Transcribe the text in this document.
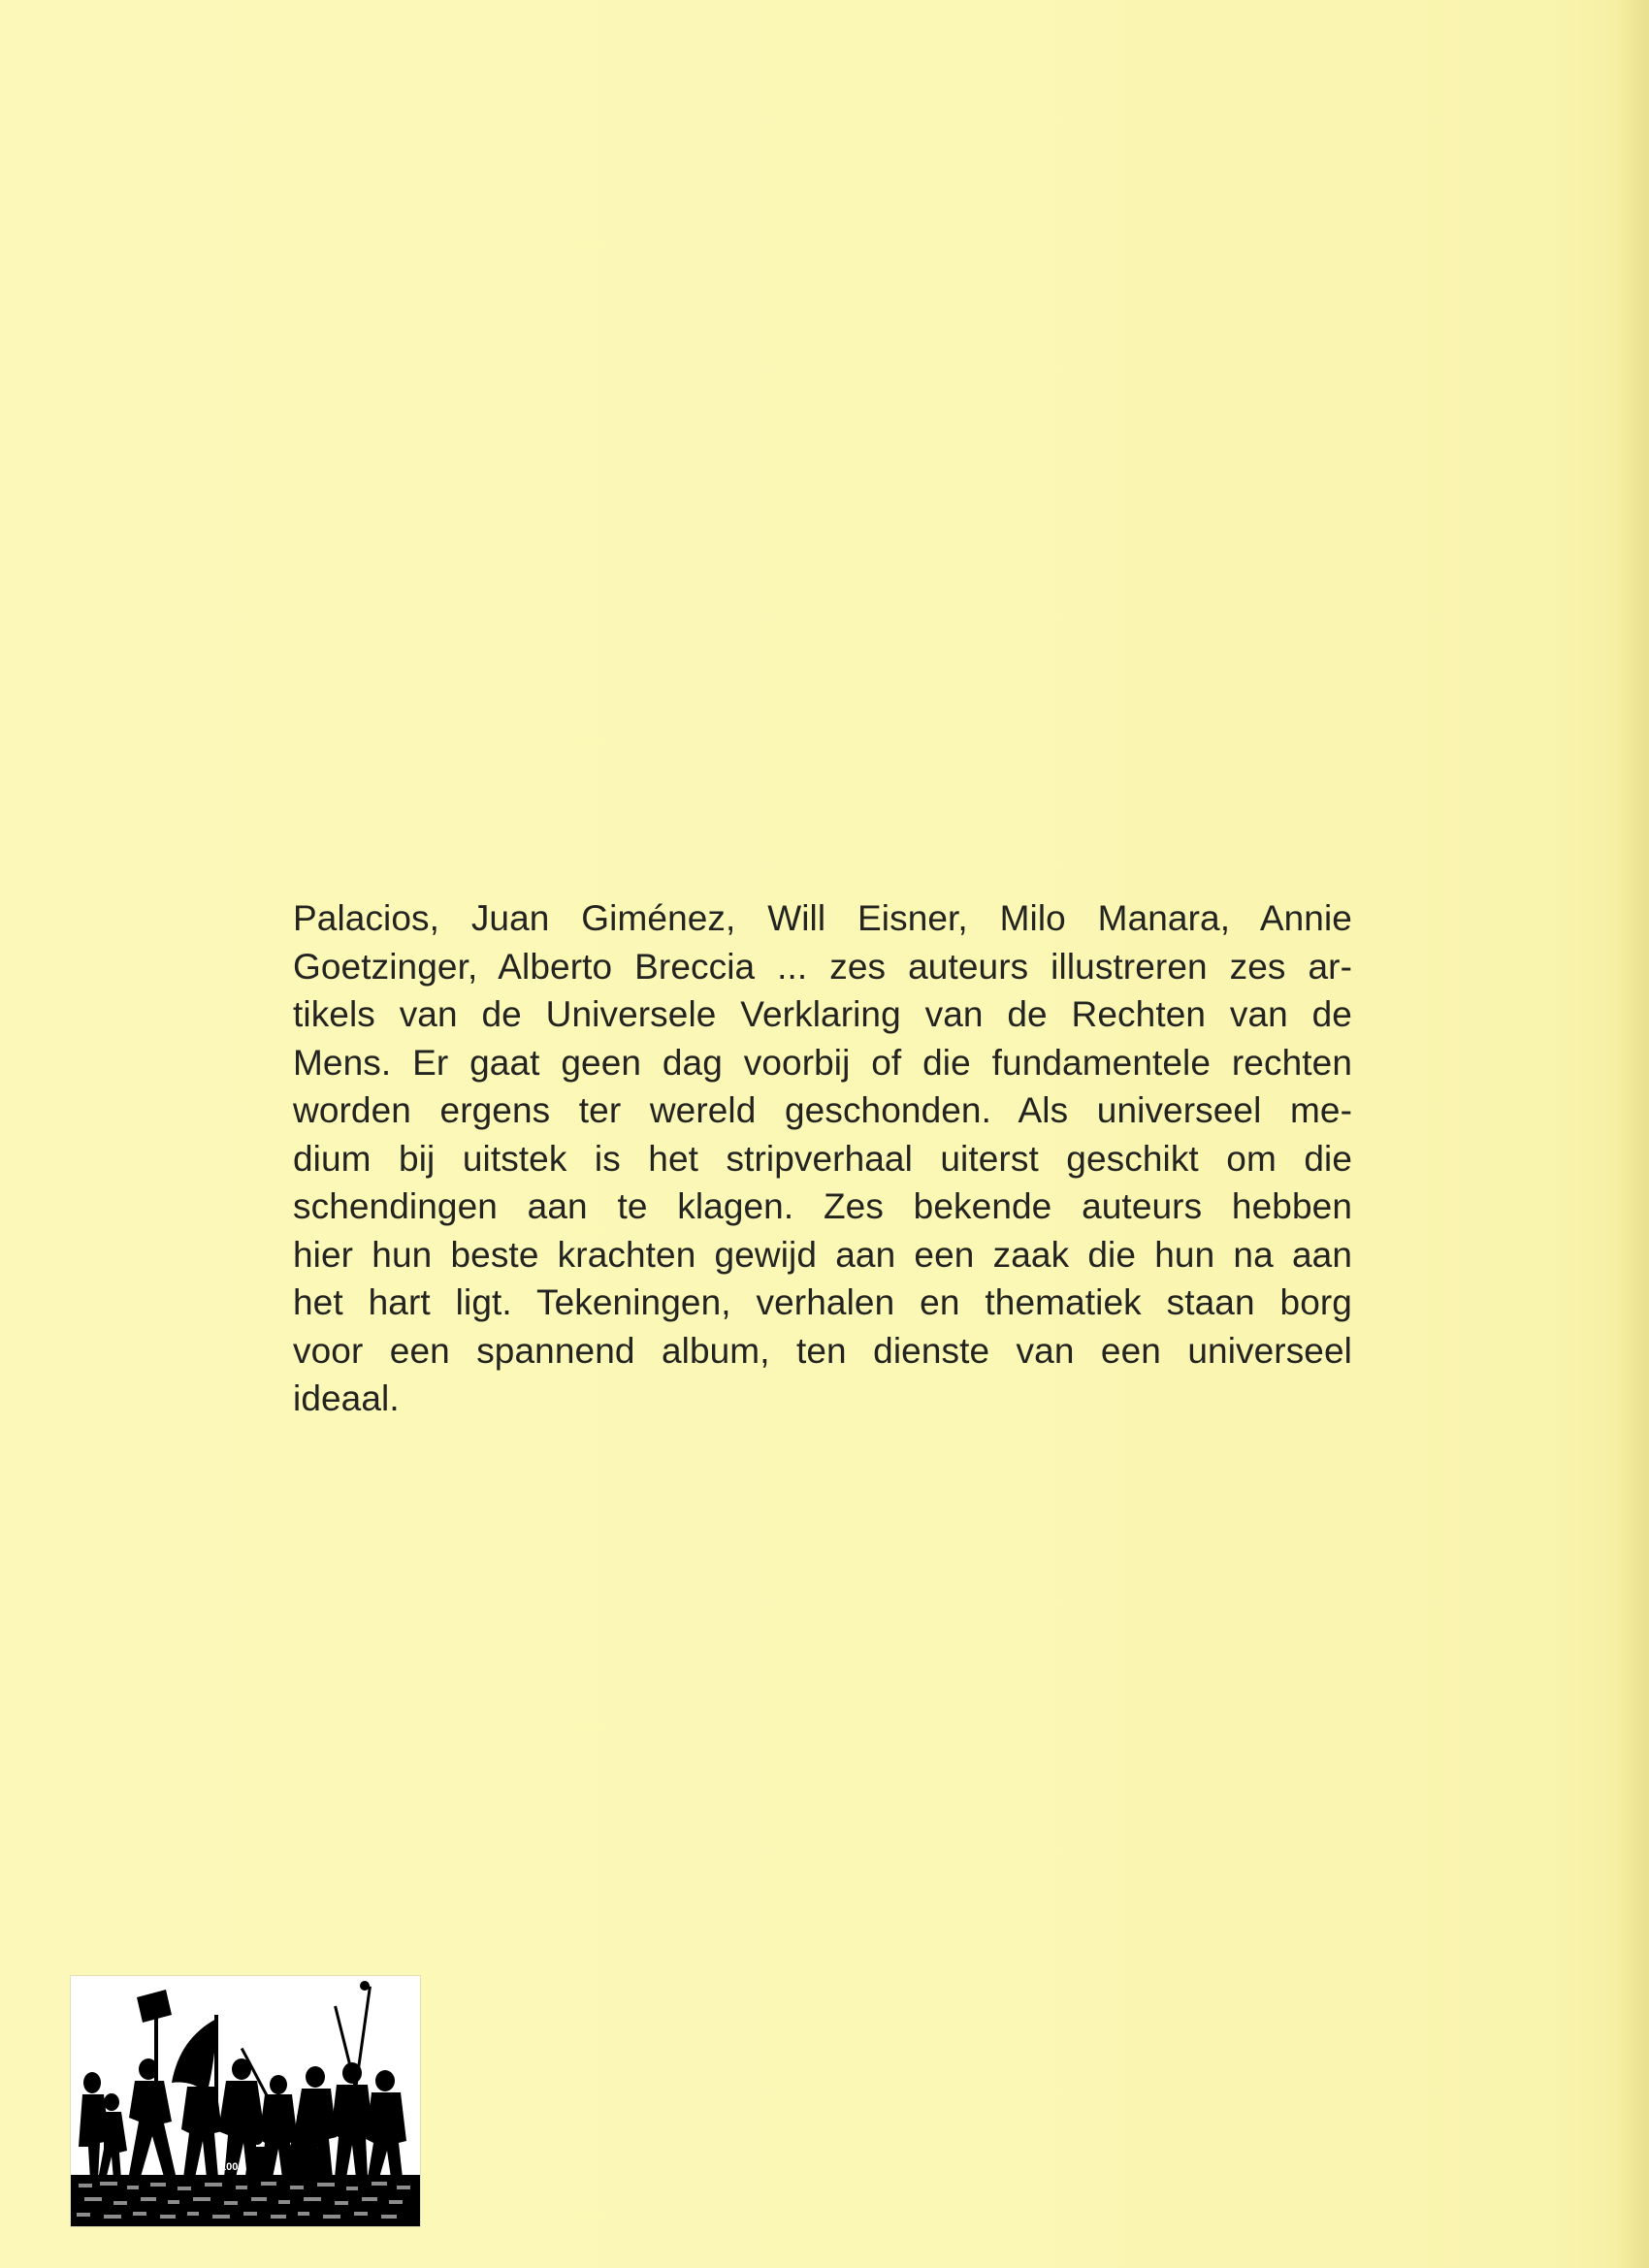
Palacios, Juan Giménez, Will Eisner, Milo Manara, Annie
Goetzinger, Alberto Breccia ... zes auteurs illustreren zes ar-
tikels van de Universele Verklaring van de Rechten van de
Mens. Er gaat geen dag voorbij of die fundamentele rechten
worden ergens ter wereld geschonden. Als universeel me-
dium bij uitstek is het stripverhaal uiterst geschikt om die
schendingen aan te klagen. Zes bekende auteurs hebben
hier hun beste krachten gewijd aan een zaak die hun na aan
het hart ligt. Tekeningen, verhalen en thematiek staan borg
voor een spannend album, ten dienste van een universeel
ideaal.
100
